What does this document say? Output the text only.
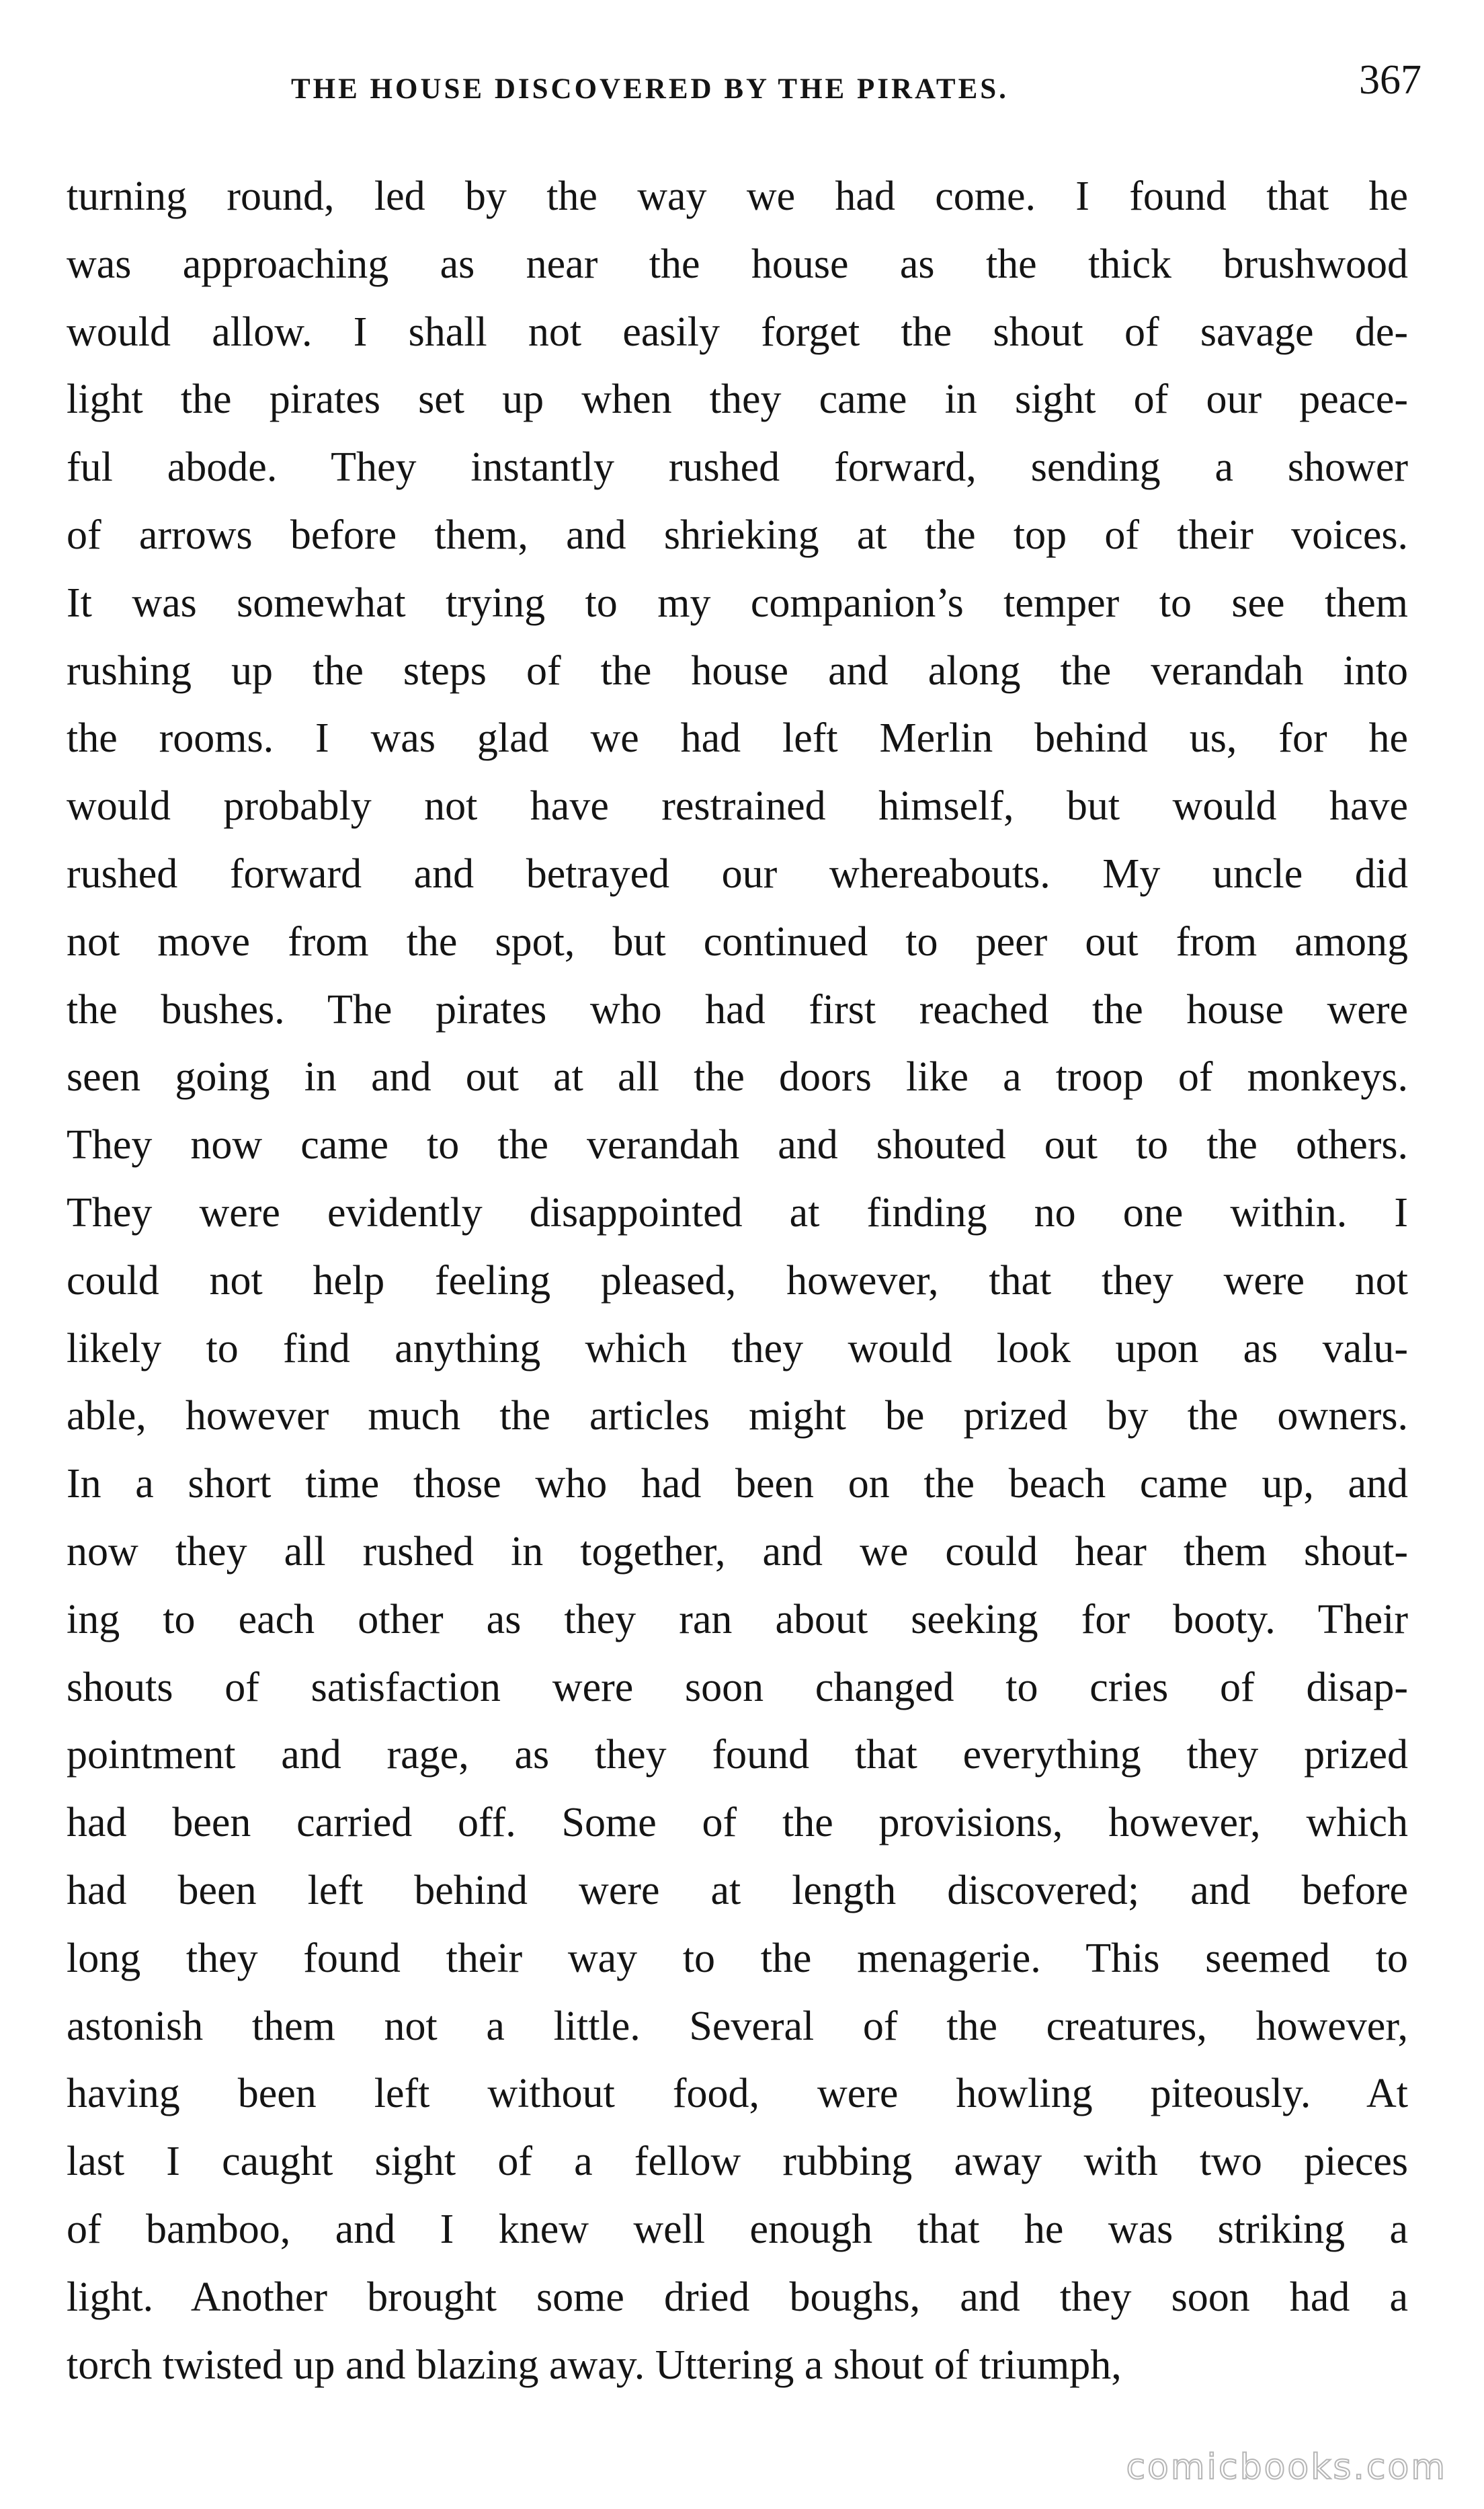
THE HOUSE DISCOVERED BY THE PIRATES.	367
turning round, led by the way we had come. I found that he
was approaching as near the house as the thick brushwood
would allow. I shall not easily forget the shout of savage de-
light the pirates set up when they came in sight of our peace-
ful abode. They instantly rushed forward, sending a shower
of arrows before them, and shrieking at the top of their voices.
It was somewhat trying to my companion’s temper to see them
rushing up the steps of the house and along the verandah into
the rooms. I was glad we had left Merlin behind us, for he
would probably not have restrained himself, but would have
rushed forward and betrayed our whereabouts. My uncle did
not move from the spot, but continued to peer out from among
the bushes. The pirates who had first reached the house were
seen going in and out at all the doors like a troop of monkeys.
They now came to the verandah and shouted out to the others.
They were evidently disappointed at finding no one within. I
could not help feeling pleased, however, that they were not
likely to find anything which they would look upon as valu-
able, however much the articles might be prized by the owners.
In a short time those who had been on the beach came up, and
now they all rushed in together, and we could hear them shout-
ing to each other as they ran about seeking for booty. Their
shouts of satisfaction were soon changed to cries of disap-
pointment and rage, as they found that everything they prized
had been carried off. Some of the provisions, however, which
had been left behind were at length discovered; and before
long they found their way to the menagerie. This seemed to
astonish them not a little. Several of the creatures, however,
having been left without food, were howling piteously. At
last I caught sight of a fellow rubbing away with two pieces
of bamboo, and I knew well enough that he was striking a
light. Another brought some dried boughs, and they soon had a
torch twisted up and blazing away. Uttering a shout of triumph,
comicbooks.com
